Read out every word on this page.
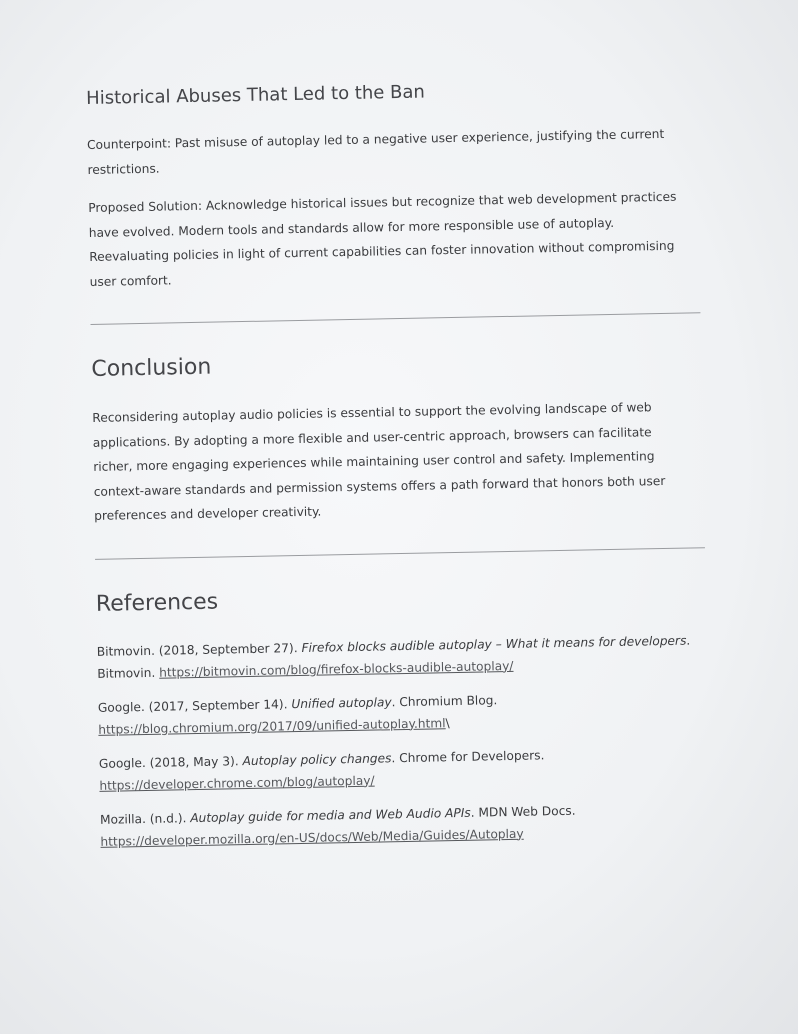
Historical Abuses That Led to the Ban

Counterpoint: Past misuse of autoplay led to a negative user experience, justifying the current restrictions.

Proposed Solution: Acknowledge historical issues but recognize that web development practices have evolved. Modern tools and standards allow for more responsible use of autoplay. Reevaluating policies in light of current capabilities can foster innovation without compromising user comfort.

Conclusion

Reconsidering autoplay audio policies is essential to support the evolving landscape of web applications. By adopting a more flexible and user-centric approach, browsers can facilitate richer, more engaging experiences while maintaining user control and safety. Implementing context-aware standards and permission systems offers a path forward that honors both user preferences and developer creativity.

References
Bitmovin. (2018, September 27). Firefox blocks audible autoplay – What it means for developers. Bitmovin. https://bitmovin.com/blog/firefox-blocks-audible-autoplay/
Google. (2017, September 14). Unified autoplay. Chromium Blog. https://blog.chromium.org/2017/09/unified-autoplay.html\
Google. (2018, May 3). Autoplay policy changes. Chrome for Developers. https://developer.chrome.com/blog/autoplay/
Mozilla. (n.d.). Autoplay guide for media and Web Audio APIs. MDN Web Docs. https://developer.mozilla.org/en-US/docs/Web/Media/Guides/Autoplay
